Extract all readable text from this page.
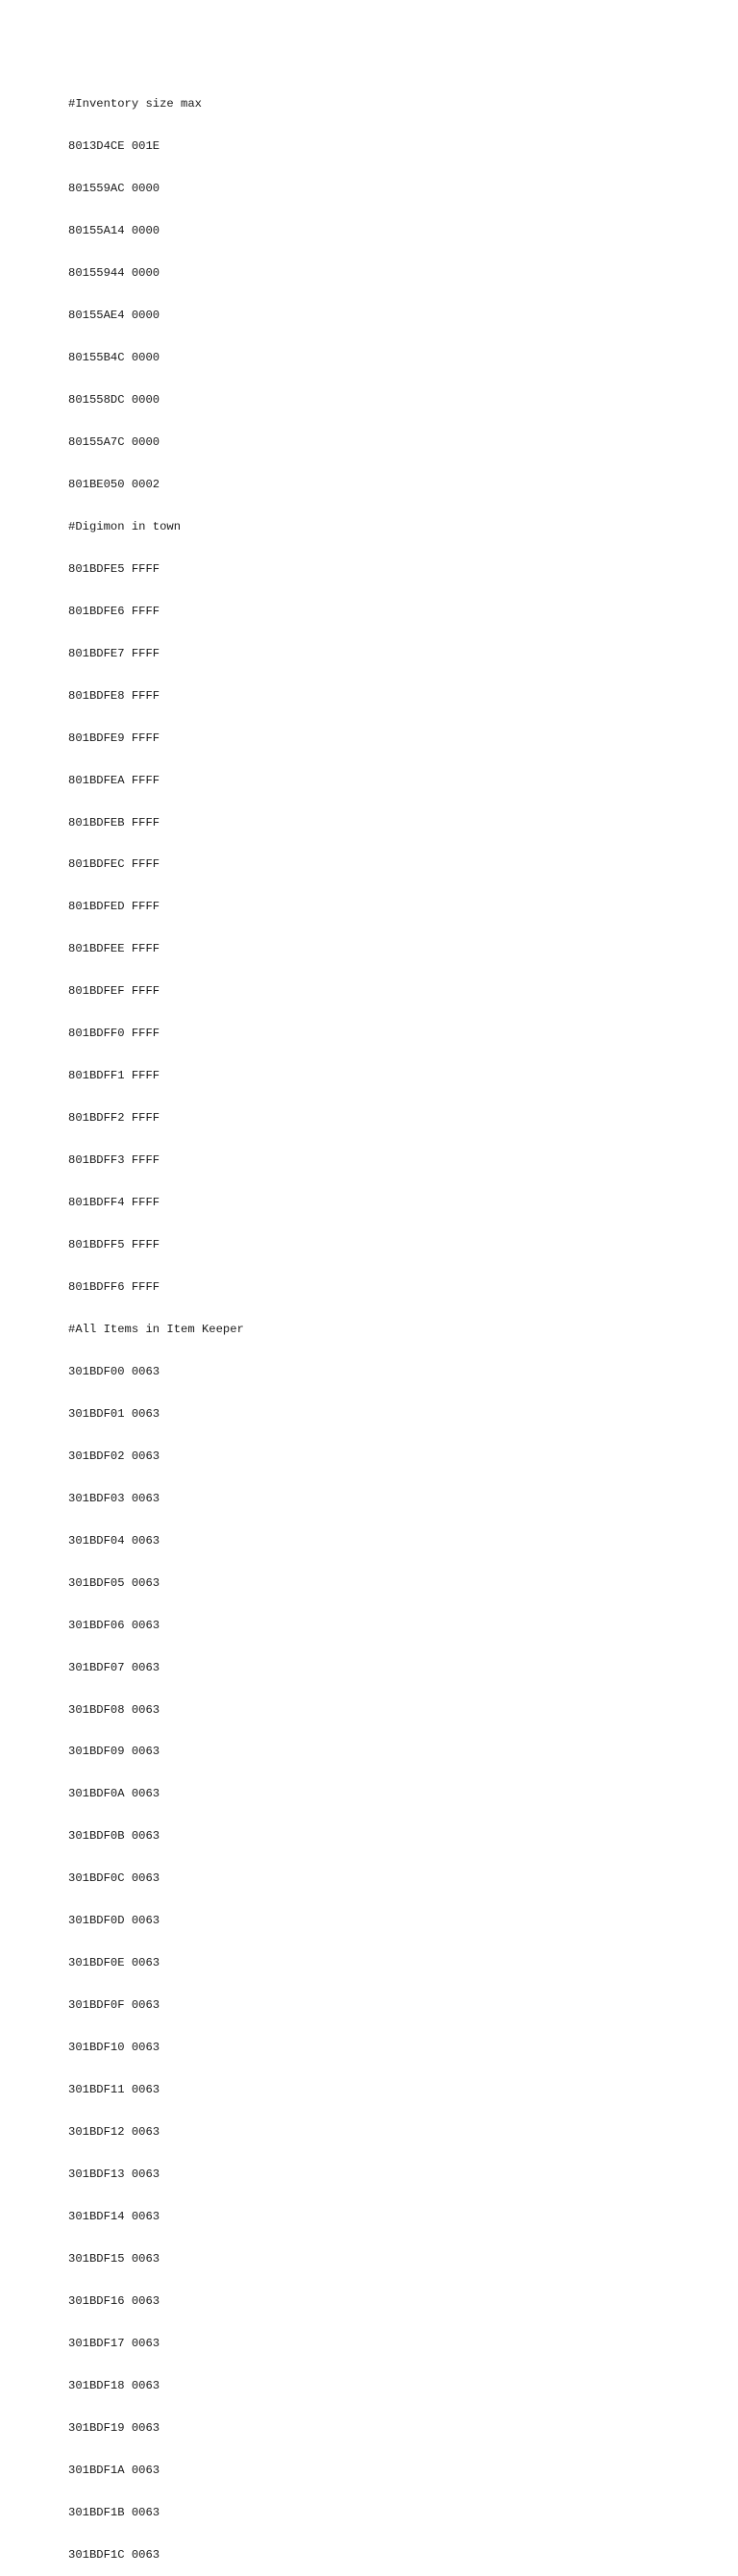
#Inventory size max

8013D4CE 001E

801559AC 0000

80155A14 0000

80155944 0000

80155AE4 0000

80155B4C 0000

801558DC 0000

80155A7C 0000

801BE050 0002

#Digimon in town

801BDFE5 FFFF

801BDFE6 FFFF

801BDFE7 FFFF

801BDFE8 FFFF

801BDFE9 FFFF

801BDFEA FFFF

801BDFEB FFFF

801BDFEC FFFF

801BDFED FFFF

801BDFEE FFFF

801BDFEF FFFF

801BDFF0 FFFF

801BDFF1 FFFF

801BDFF2 FFFF

801BDFF3 FFFF

801BDFF4 FFFF

801BDFF5 FFFF

801BDFF6 FFFF

#All Items in Item Keeper

301BDF00 0063

301BDF01 0063

301BDF02 0063

301BDF03 0063

301BDF04 0063

301BDF05 0063

301BDF06 0063

301BDF07 0063

301BDF08 0063

301BDF09 0063

301BDF0A 0063

301BDF0B 0063

301BDF0C 0063

301BDF0D 0063

301BDF0E 0063

301BDF0F 0063

301BDF10 0063

301BDF11 0063

301BDF12 0063

301BDF13 0063

301BDF14 0063

301BDF15 0063

301BDF16 0063

301BDF17 0063

301BDF18 0063

301BDF19 0063

301BDF1A 0063

301BDF1B 0063

301BDF1C 0063
